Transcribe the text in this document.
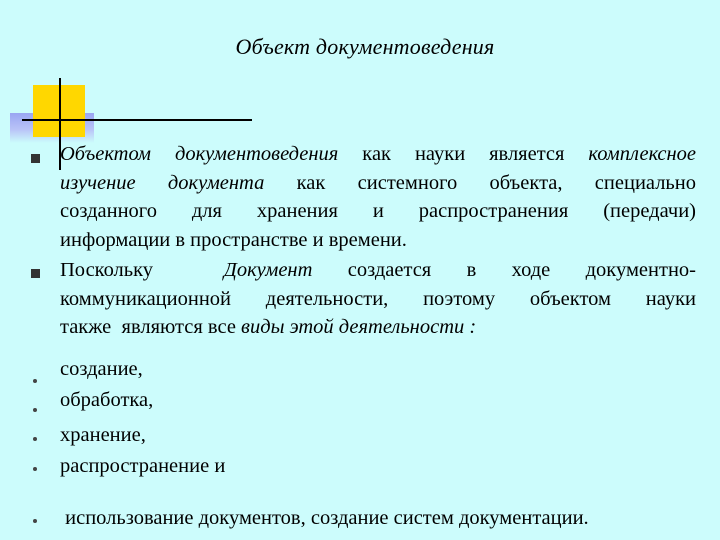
Объект документоведения
Объектом документоведения как науки является комплексное
изучение документа как системного объекта, специально
созданного для хранения и распространения (передачи)
информации в пространстве и времени.
Поскольку  Документ создается в ходе документно-
коммуникационной деятельности, поэтому объектом науки
также  являются все виды этой деятельности :
создание,
обработка,
хранение,
распространение и
использование документов, создание систем документации.
